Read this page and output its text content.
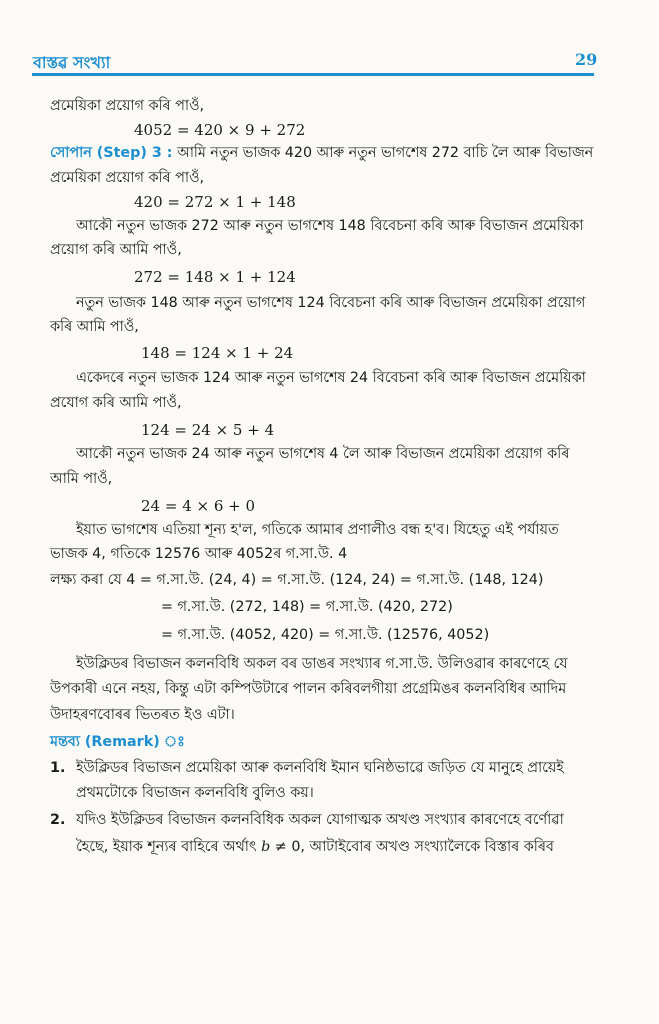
বাস্তৱ সংখ্যা	29
প্ৰমেয়িকা প্ৰয়োগ কৰি পাওঁ,
4052 = 420 × 9 + 272
সোপান (Step) 3 : আমি নতুন ভাজক 420 আৰু নতুন ভাগশেষ 272 বাচি লৈ আৰু বিভাজন
প্ৰমেয়িকা প্ৰয়োগ কৰি পাওঁ,
420 = 272 × 1 + 148
আকৌ নতুন ভাজক 272 আৰু নতুন ভাগশেষ 148 বিবেচনা কৰি আৰু বিভাজন প্ৰমেয়িকা
প্ৰয়োগ কৰি আমি পাওঁ,
272 = 148 × 1 + 124
নতুন ভাজক 148 আৰু নতুন ভাগশেষ 124 বিবেচনা কৰি আৰু বিভাজন প্ৰমেয়িকা প্ৰয়োগ
কৰি আমি পাওঁ,
148 = 124 × 1 + 24
একেদৰে নতুন ভাজক 124 আৰু নতুন ভাগশেষ 24 বিবেচনা কৰি আৰু বিভাজন প্ৰমেয়িকা
প্ৰযোগ কৰি আমি পাওঁ,
124 = 24 × 5 + 4
আকৌ নতুন ভাজক 24 আৰু নতুন ভাগশেষ 4 লৈ আৰু বিভাজন প্ৰমেয়িকা প্ৰয়োগ কৰি
আমি পাওঁ,
24 = 4 × 6 + 0
ইয়াত ভাগশেষ এতিয়া শূন্য হ'ল, গতিকে আমাৰ প্ৰণালীও বন্ধ হ'ব। যিহেতু এই পৰ্যায়ত
ভাজক 4, গতিকে 12576 আৰু 4052ৰ গ.সা.উ. 4
লক্ষ্য কৰা যে 4 = গ.সা.উ. (24, 4) = গ.সা.উ. (124, 24) = গ.সা.উ. (148, 124)
= গ.সা.উ. (272, 148) = গ.সা.উ. (420, 272)
= গ.সা.উ. (4052, 420) = গ.সা.উ. (12576, 4052)
ইউক্লিডৰ বিভাজন কলনবিধি অকল বৰ ডাঙৰ সংখ্যাৰ গ.সা.উ. উলিওৱাৰ কাৰণেহে যে
উপকাৰী এনে নহয়, কিন্তু এটা কম্পিউটাৰে পালন কৰিবলগীয়া প্ৰগ্ৰেমিঙৰ কলনবিধিৰ আদিম
উদাহৰণবোৰৰ ভিতৰত ইও এটা।
মন্তব্য (Remark) ঃ
1. ইউক্লিডৰ বিভাজন প্ৰমেয়িকা আৰু কলনবিধি ইমান ঘনিষ্ঠভাৱে জড়িত যে মানুহে প্ৰায়েই
প্ৰথমটোকে বিভাজন কলনবিধি বুলিও কয়।
2. যদিও ইউক্লিডৰ বিভাজন কলনবিধিক অকল যোগাত্মক অখণ্ড সংখ্যাৰ কাৰণেহে বৰ্ণোৱা
হৈছে, ইয়াক শূন্যৰ বাহিৰে অৰ্থাৎ b ≠ 0, আটাইবোৰ অখণ্ড সংখ্যালৈকে বিস্তাৰ কৰিব
